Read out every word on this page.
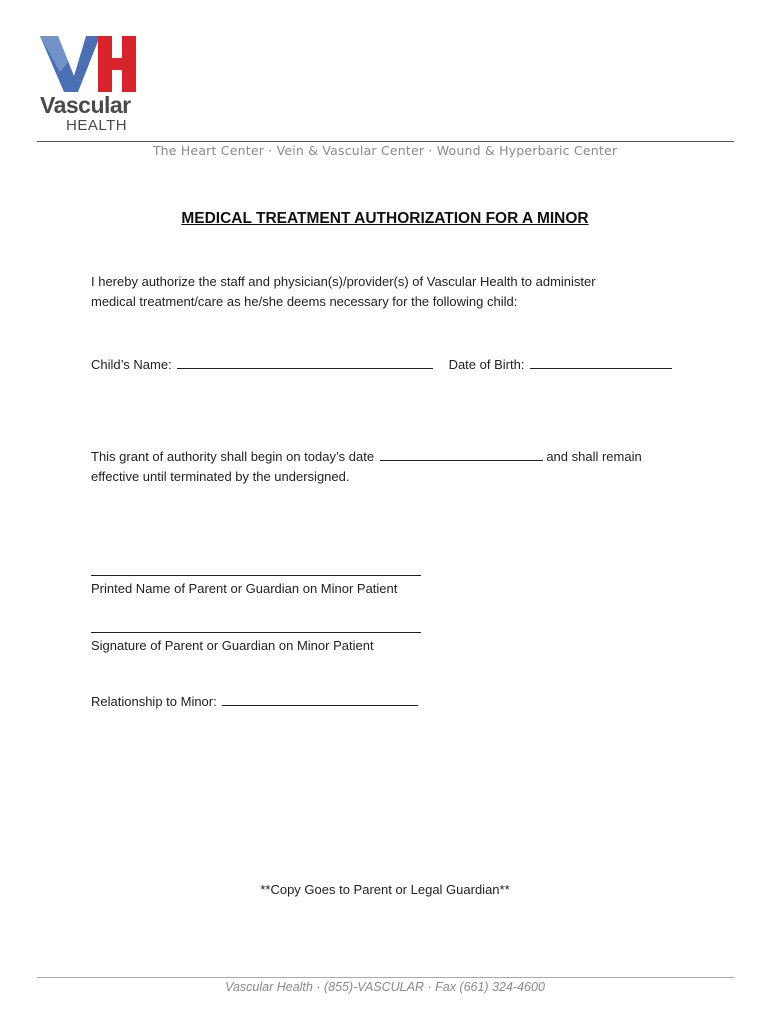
Vascular
HEALTH
The Heart Center · Vein & Vascular Center · Wound & Hyperbaric Center
MEDICAL TREATMENT AUTHORIZATION FOR A MINOR
I hereby authorize the staff and physician(s)/provider(s) of Vascular Health to administer
medical treatment/care as he/she deems necessary for the following child:
Child’s Name:	Date of Birth:
This grant of authority shall begin on today’s date	and shall remain
effective until terminated by the undersigned.
Printed Name of Parent or Guardian on Minor Patient
Signature of Parent or Guardian on Minor Patient
Relationship to Minor:
**Copy Goes to Parent or Legal Guardian**
Vascular Health · (855)-VASCULAR · Fax (661) 324-4600
